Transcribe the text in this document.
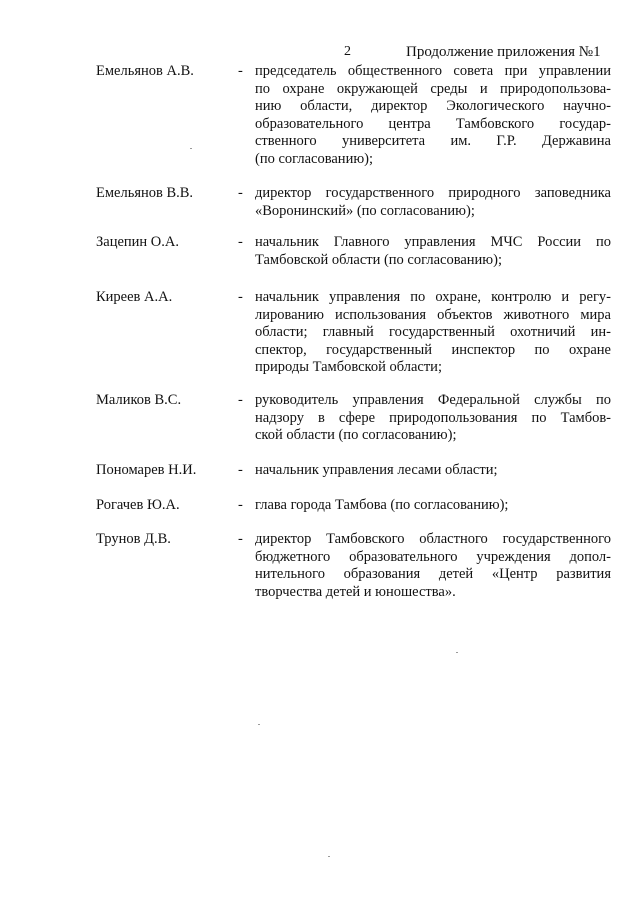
2	Продолжение приложения №1
Емельянов А.В.	- председатель общественного совета при управлении
по охране окружающей среды и природопользова-
нию области, директор Экологического научно-
образовательного центра Тамбовского государ-
ственного университета им. Г.Р. Державина
(по согласованию);
Емельянов В.В.	- директор государственного природного заповедника
«Воронинский» (по согласованию);
Зацепин О.А.	- начальник Главного управления МЧС России по
Тамбовской области (по согласованию);
Киреев А.А.	- начальник управления по охране, контролю и регу-
лированию использования объектов животного мира
области; главный государственный охотничий ин-
спектор, государственный инспектор по охране
природы Тамбовской области;
Маликов В.С.	- руководитель управления Федеральной службы по
надзору в сфере природопользования по Тамбов-
ской области (по согласованию);
Пономарев Н.И.	- начальник управления лесами области;
Рогачев Ю.А.	- глава города Тамбова (по согласованию);
Трунов Д.В.	- директор Тамбовского областного государственного
бюджетного образовательного учреждения допол-
нительного образования детей «Центр развития
творчества детей и юношества».
